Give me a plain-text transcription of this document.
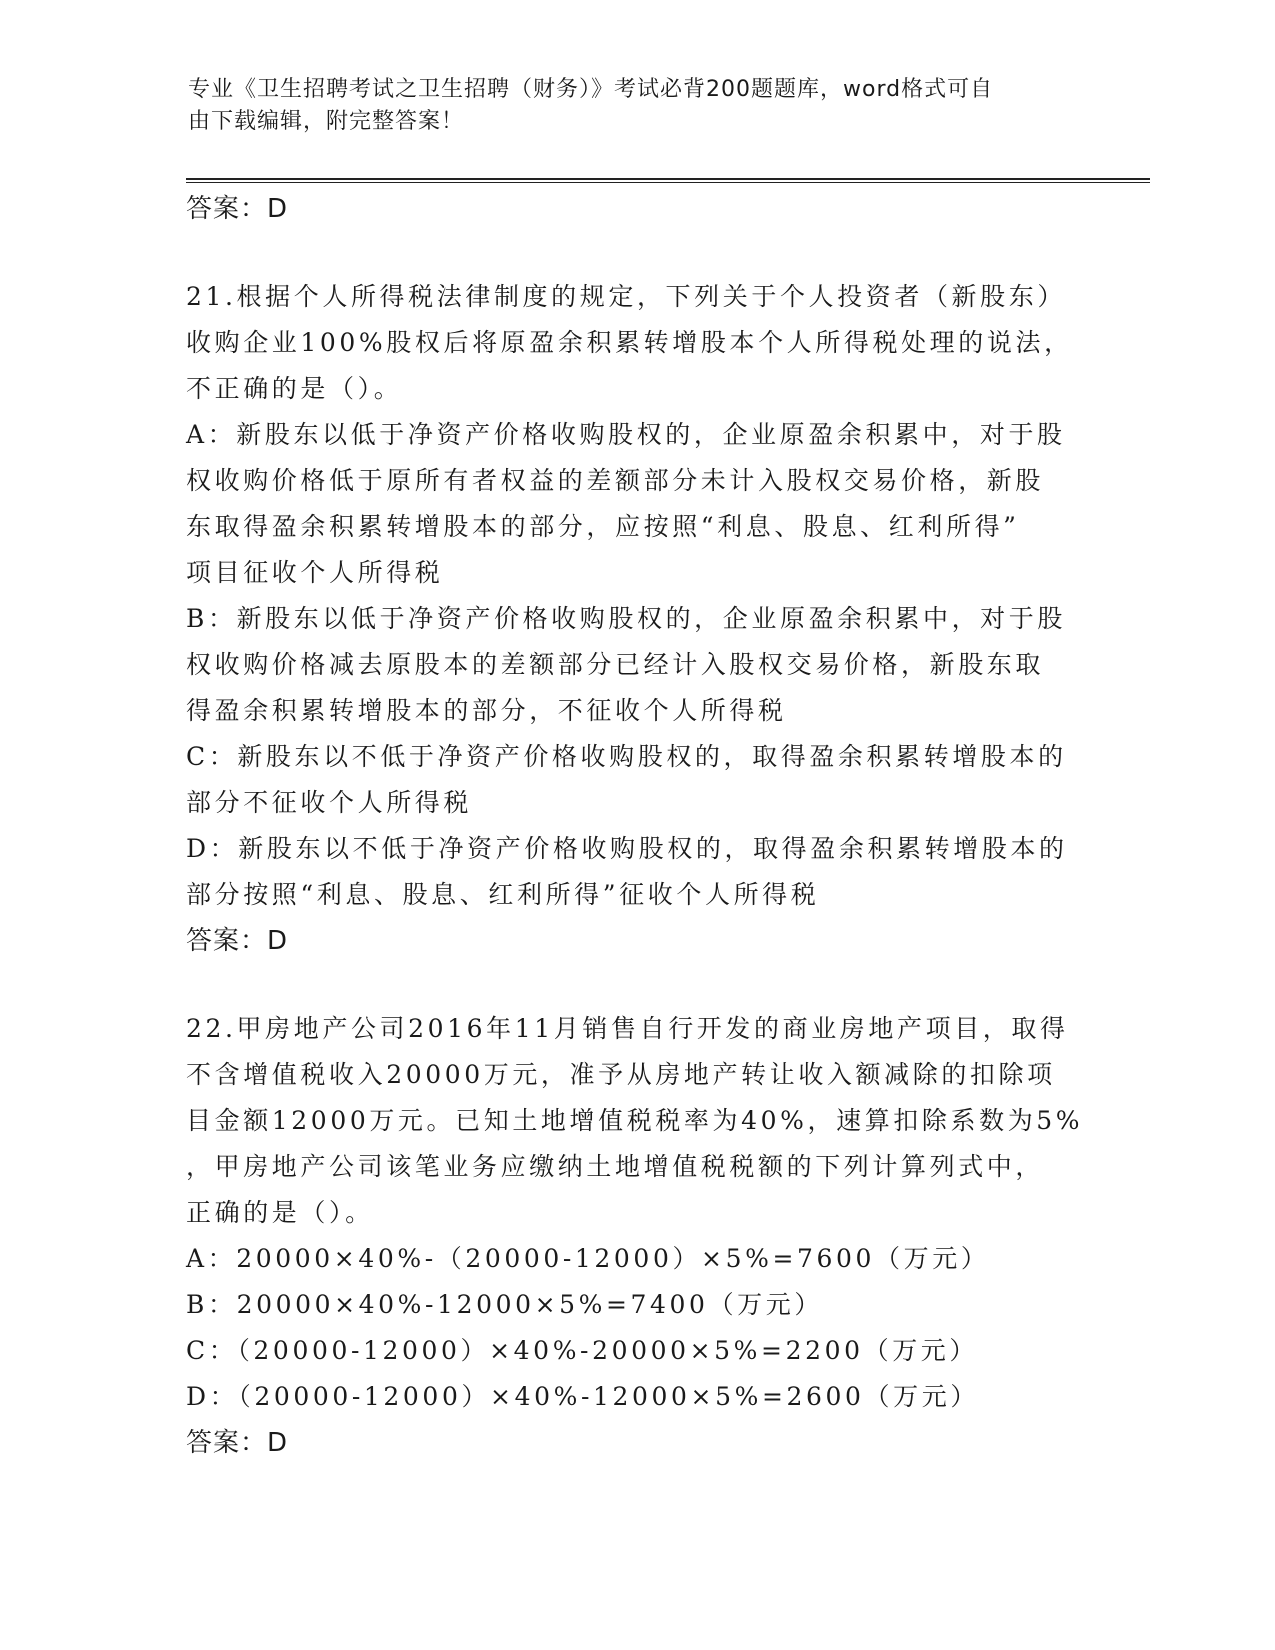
专业《卫生招聘考试之卫生招聘（财务）》考试必背200题题库，word格式可自
由下载编辑，附完整答案！
答案：D
21.根据个人所得税法律制度的规定，下列关于个人投资者（新股东）
收购企业100%股权后将原盈余积累转增股本个人所得税处理的说法，
不正确的是（）。
A：新股东以低于净资产价格收购股权的，企业原盈余积累中，对于股
权收购价格低于原所有者权益的差额部分未计入股权交易价格，新股
东取得盈余积累转增股本的部分，应按照“利息、股息、红利所得”
项目征收个人所得税
B：新股东以低于净资产价格收购股权的，企业原盈余积累中，对于股
权收购价格减去原股本的差额部分已经计入股权交易价格，新股东取
得盈余积累转增股本的部分，不征收个人所得税
C：新股东以不低于净资产价格收购股权的，取得盈余积累转增股本的
部分不征收个人所得税
D：新股东以不低于净资产价格收购股权的，取得盈余积累转增股本的
部分按照“利息、股息、红利所得”征收个人所得税
答案：D
22.甲房地产公司2016年11月销售自行开发的商业房地产项目，取得
不含增值税收入20000万元，准予从房地产转让收入额减除的扣除项
目金额12000万元。已知土地增值税税率为40%，速算扣除系数为5%
，甲房地产公司该笔业务应缴纳土地增值税税额的下列计算列式中，
正确的是（）。
A：20000×40%-（20000-12000）×5%=7600（万元）
B：20000×40%-12000×5%=7400（万元）
C：（20000-12000）×40%-20000×5%=2200（万元）
D：（20000-12000）×40%-12000×5%=2600（万元）
答案：D
